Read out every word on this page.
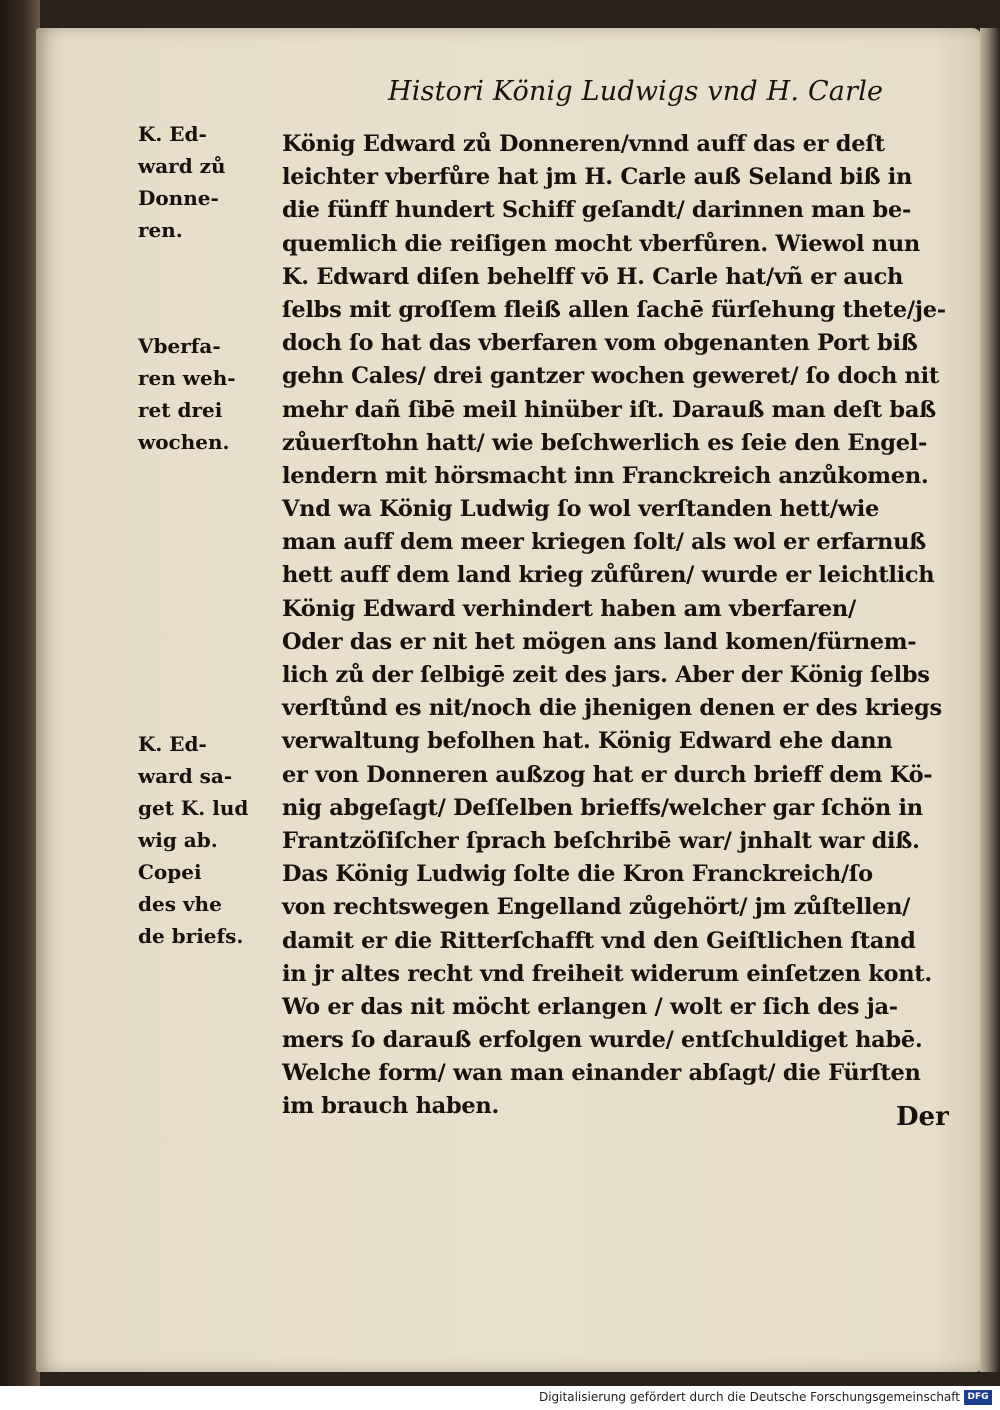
Histori König Ludwigs vnd H. Carle
K. Ed-
ward zů
Donne-
ren.
Vberfa-
ren weh-
ret drei
wochen.
K. Ed-
ward sa-
get K. lud
wig ab.
Copei
des vhe
de briefs.
König Edward zů Donneren/vnnd auff das er deſt
leichter vberfůre hat jm H. Carle auß Seland biß in
die fünff hundert Schiff geſandt/ darinnen man be-
quemlich die reiſigen mocht vberfůren. Wiewol nun
K. Edward diſen behelff vō H. Carle hat/vñ er auch
ſelbs mit groſſem fleiß allen ſachē fürſehung thete/je-
doch ſo hat das vberfaren vom obgenanten Port biß
gehn Cales/ drei gantzer wochen geweret/ ſo doch nit
mehr dañ ſibē meil hinüber iſt. Darauß man deſt baß
zůuerſtohn hatt/ wie beſchwerlich es ſeie den Engel-
lendern mit hörsmacht inn Franckreich anzůkomen.
Vnd wa König Ludwig ſo wol verſtanden hett/wie
man auff dem meer kriegen ſolt/ als wol er erfarnuß
hett auff dem land krieg zůfůren/ wurde er leichtlich
König Edward verhindert haben am vberfaren/
Oder das er nit het mögen ans land komen/fürnem-
lich zů der ſelbigē zeit des jars. Aber der König ſelbs
verſtůnd es nit/noch die jhenigen denen er des kriegs
verwaltung befolhen hat. König Edward ehe dann
er von Donneren außzog hat er durch brieff dem Kö-
nig abgeſagt/ Deſſelben brieffs/welcher gar ſchön in
Frantzöſiſcher ſprach beſchribē war/ jnhalt war diß.
Das König Ludwig ſolte die Kron Franckreich/ſo
von rechtswegen Engelland zůgehört/ jm zůſtellen/
damit er die Ritterſchafft vnd den Geiſtlichen ſtand
in jr altes recht vnd freiheit widerum einſetzen kont.
Wo er das nit möcht erlangen / wolt er ſich des ja-
mers ſo darauß erfolgen wurde/ entſchuldiget habē.
Welche form/ wan man einander abſagt/ die Fürſten
im brauch haben.	Der
Digitalisierung gefördert durch die Deutsche Forschungsgemeinschaft DFG
